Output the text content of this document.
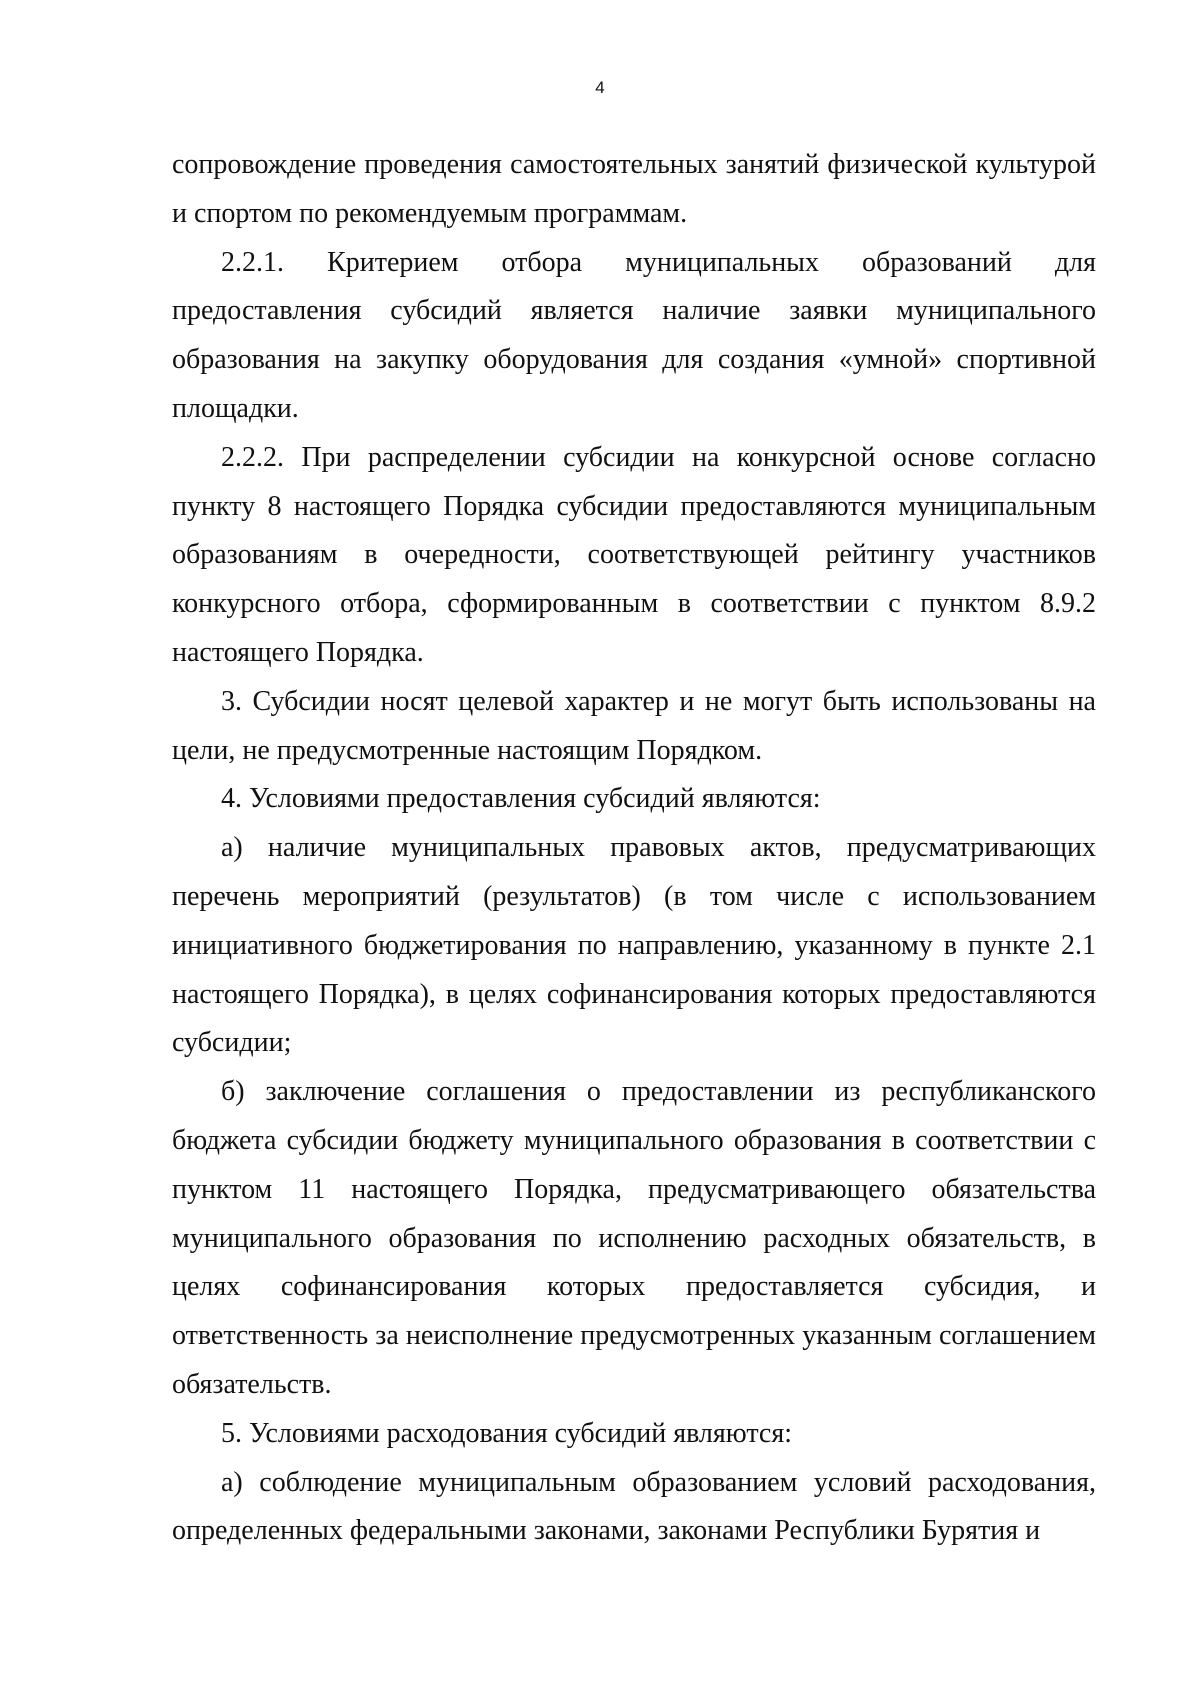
4

сопровождение проведения самостоятельных занятий физической культурой и спортом по рекомендуемым программам.

2.2.1. Критерием отбора муниципальных образований для предоставления субсидий является наличие заявки муниципального образования на закупку оборудования для создания «умной» спортивной площадки.

2.2.2. При распределении субсидии на конкурсной основе согласно пункту 8 настоящего Порядка субсидии предоставляются муниципальным образованиям в очередности, соответствующей рейтингу участников конкурсного отбора, сформированным в соответствии с пунктом 8.9.2 настоящего Порядка.

3. Субсидии носят целевой характер и не могут быть использованы на цели, не предусмотренные настоящим Порядком.

4. Условиями предоставления субсидий являются:

а) наличие муниципальных правовых актов, предусматривающих перечень мероприятий (результатов) (в том числе с использованием инициативного бюджетирования по направлению, указанному в пункте 2.1 настоящего Порядка), в целях софинансирования которых предоставляются субсидии;

б) заключение соглашения о предоставлении из республиканского бюджета субсидии бюджету муниципального образования в соответствии с пунктом 11 настоящего Порядка, предусматривающего обязательства муниципального образования по исполнению расходных обязательств, в целях софинансирования которых предоставляется субсидия, и ответственность за неисполнение предусмотренных указанным соглашением обязательств.

5. Условиями расходования субсидий являются:

а) соблюдение муниципальным образованием условий расходования, определенных федеральными законами, законами Республики Бурятия и
